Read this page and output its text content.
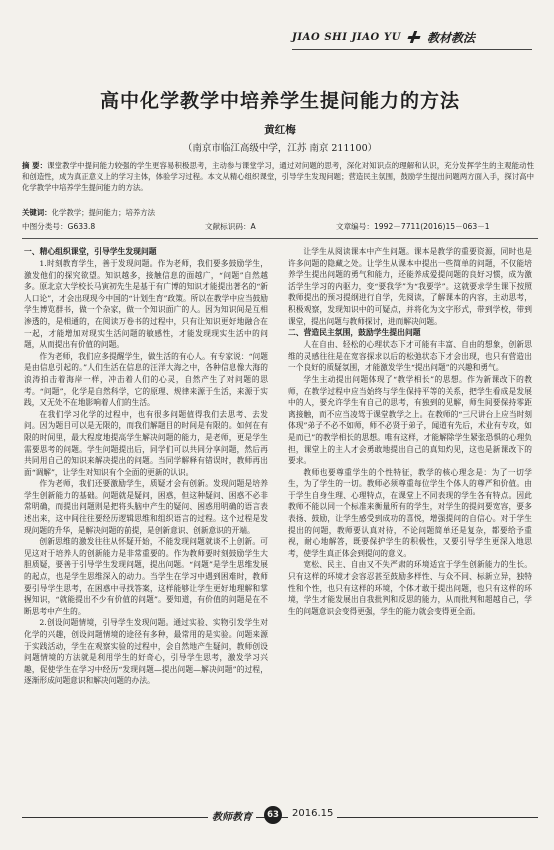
JIAO SHI JIAO YU 教材教法
高中化学教学中培养学生提问能力的方法
黄红梅
（南京市临江高级中学，江苏 南京 211100）
摘 要：课堂教学中提问能力较强的学生更容易积极思考，主动参与课堂学习，通过对问题的思考，深化对知识点的理解和认识，充分发挥学生的主观能动性和创造性，成为真正意义上的学习主体，体验学习过程。本文从精心组织课堂，引导学生发现问题；营造民主氛围，鼓励学生提出问题两方面入手，探讨高中化学教学中培养学生提问能力的方法。
关键词：化学教学；提问能力；培养方法
中图分类号：G633.8	文献标识码：A	文章编号：1992－7711(2016)15－063－1
一、精心组织课堂，引导学生发现问题

1.时刻教育学生，善于发现问题。作为老师，我们要多鼓励学生，激发他们的探究欲望。知识越多，接触信息的面越广，“问题”自然越多。原北京大学校长马寅初先生是基于有广博的知识才能提出著名的“新人口论”，才会出现现今中国的“计划生育”政策。所以在教学中应当鼓励学生博览群书，做一个杂家，做一个知识面广的人。因为知识间是互相渗透的，是相通的，在阅读万卷书的过程中，只有让知识更好地融合在一起，才能增加对现实生活问题的敏感性，才能发现现实生活中的问题，从而提出有价值的问题。

作为老师，我们应多提醒学生，做生活的有心人。有专家说：“问题是由信息引起的。”人们生活在信息的汪洋大海之中，各种信息像大海的浪涛拍击着海岸一样，冲击着人们的心灵，自然产生了对问题的思考。“问题”，化学是自然科学，它的原理、规律来源于生活，来源于实践，又无处不在地影响着人们的生活。

在我们学习化学的过程中，也有很多问题值得我们去思考、去发问。因为题目可以是无限的，而我们解题目的时间是有限的。如何在有限的时间里，最大程度地提高学生解决问题的能力，是老师，更是学生需要思考的问题。学生问题提出后，同学们可以共同分享问题，然后再共同用自己的知识来解决提出的问题。当同学解释有错误时，教师再出面“调解”，让学生对知识有个全面的更新的认识。

作为老师，我们还要激励学生，质疑才会有创新。发现问题是培养学生创新能力的基础。问题就是疑问，困惑，但这种疑问、困惑不必非常明确，而提出问题则是把将头脑中产生的疑问、困惑用明确的语言表述出来，这中间往往要经历逻辑思维和组织语言的过程。这个过程是发现问题的升华，是解决问题的前提，是创新意识、创新意识的开端。

创新思维的激发往往从怀疑开始，不能发现问题就谈不上创新。可见这对于培养人的创新能力是非常重要的。作为教师要时刻鼓励学生大胆质疑，要善于引导学生发现问题，提出问题。“问题”是学生思维发展的起点，也是学生思维深入的动力。当学生在学习中遇到困难时，教师要引导学生思考，在困惑中寻找答案，这样能够让学生更好地理解和掌握知识，“就能提出不少有价值的问题”。要知道，有价值的问题是在不断思考中产生的。

2.创设问题情境，引导学生发现问题。通过实验、实物引发学生对化学的兴趣，创设问题情境的途径有多种，最常用的是实验。问题来源于实践活动，学生在观察实验的过程中，会自然地产生疑问，教师创设问题情境的方法就是利用学生的好奇心，引导学生思考，激发学习兴趣，促使学生在学习中经历“发现问题—提出问题—解决问题”的过程，逐渐形成问题意识和解决问题的办法。

让学生从阅读课本中产生问题。课本是教学的重要资源，同时也是许多问题的隐藏之处。让学生从课本中提出一些简单的问题，不仅能培养学生提出问题的勇气和能力，还能养成爱提问题的良好习惯，成为激活学生学习的内驱力，变“要我学”为“我要学”。这就要求学生课下按照教师提出的预习提纲进行自学，先阅读，了解课本的内容，主动思考，积极观察，发现知识中的可疑点，并将化为文字形式，带到学校，带到课堂，提出问题与教师探讨，进而解决问题。

二、营造民主氛围，鼓励学生提出问题

人在自由、轻松的心理状态下才可能有丰富、自由的想象，创新思维的灵感往往是在宽容探求以后的松弛状态下才会出现，也只有营造出一个良好的质疑氛围，才能激发学生“提出问题”的兴趣和勇气。

学生主动提出问题体现了“教学相长”的思想。作为新课改下的教师，在教学过程中应当始终与学生保持平等的关系，把学生看成是发展中的人，要允许学生有自己的思考，有独到的见解，师生间要保持零距离接触，而不应当凌驾于课堂教学之上。在教师的“三尺讲台上应当时刻体现”弟子不必不如师，师不必贤于弟子，闻道有先后，术业有专攻，如是而已”的教学相长的思想。唯有这样，才能解除学生紧张恐惧的心理负担，课堂上的主人才会勇敢地提出自己的真知灼见，这也是新课改下的要求。

教师也要尊重学生的个性特征，教学的核心理念是：为了一切学生，为了学生的一切。教师必须尊重每位学生个体人的尊严和价值。由于学生自身生理、心理特点，在课堂上不同表现的学生各有特点。因此教师不能以同一个标准来衡量所有的学生，对学生的提问要宽容，要多表扬、鼓励，让学生感受到成功的喜悦，增强提问的自信心。对于学生提出的问题，教师要认真对待，不论问题简单还是复杂，都要给予重视，耐心地解答，既要保护学生的积极性，又要引导学生更深入地思考，使学生真正体会到提问的意义。

宽松、民主、自由又不失严肃的环境适宜于学生创新能力的生长。只有这样的环境才会容忍甚至鼓励多样性、与众不同、标新立异，独特性和个性，也只有这样的环境，个体才敢于提出问题，也只有这样的环境，学生才能发展出自我批判和反思的能力，从而批判和超越自己，学生的问题意识会变得更强，学生的能力就会变得更全面。

教师教育	63	2016.15
